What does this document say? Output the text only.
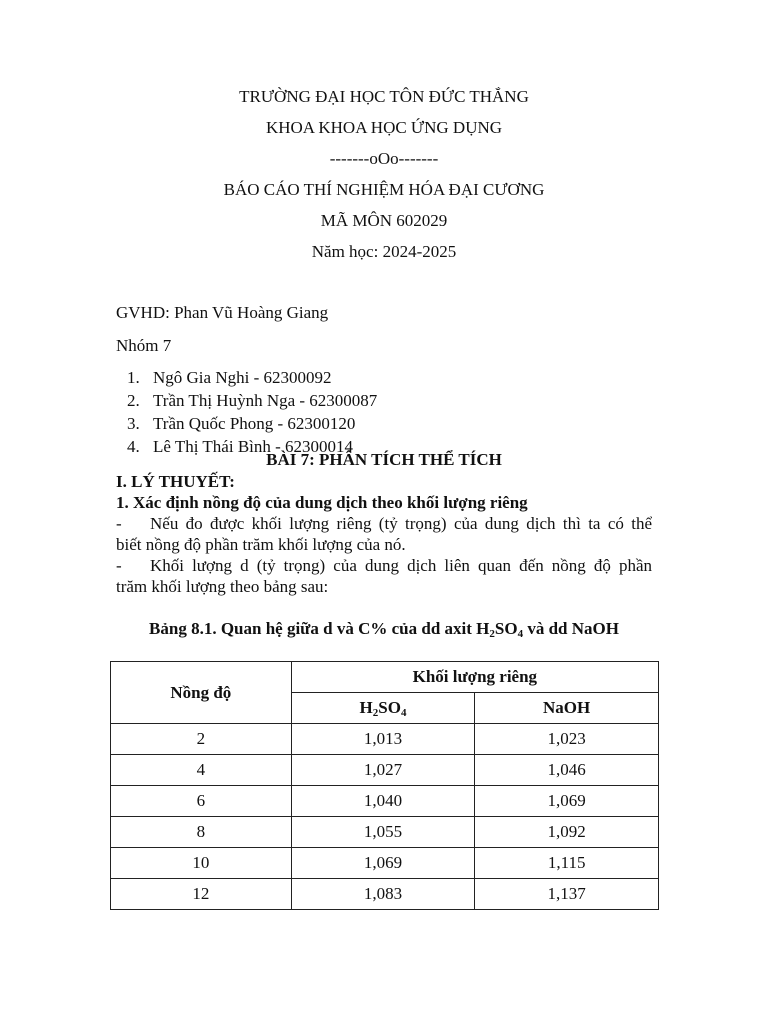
TRƯỜNG ĐẠI HỌC TÔN ĐỨC THẮNG
KHOA KHOA HỌC ỨNG DỤNG
-------oOo-------
BÁO CÁO THÍ NGHIỆM HÓA ĐẠI CƯƠNG
MÃ MÔN 602029
Năm học: 2024-2025
GVHD: Phan Vũ Hoàng Giang
Nhóm 7
1. Ngô Gia Nghi - 62300092
2. Trần Thị Huỳnh Nga - 62300087
3. Trần Quốc Phong - 62300120
4. Lê Thị Thái Bình - 62300014
BÀI 7: PHÂN TÍCH THỂ TÍCH
I. LÝ THUYẾT:
1. Xác định nồng độ của dung dịch theo khối lượng riêng
- Nếu đo được khối lượng riêng (tỷ trọng) của dung dịch thì ta có thể
biết nồng độ phần trăm khối lượng của nó.
- Khối lượng d (tỷ trọng) của dung dịch liên quan đến nồng độ phần
trăm khối lượng theo bảng sau:
Bảng 8.1. Quan hệ giữa d và C% của dd axit $H_2SO_4$ và dd NaOH
Nồng độ	Khối lượng riêng	
	$H_2SO_4$	NaOH
2	1,013	1,023
4	1,027	1,046
6	1,040	1,069
8	1,055	1,092
10	1,069	1,115
12	1,083	1,137
